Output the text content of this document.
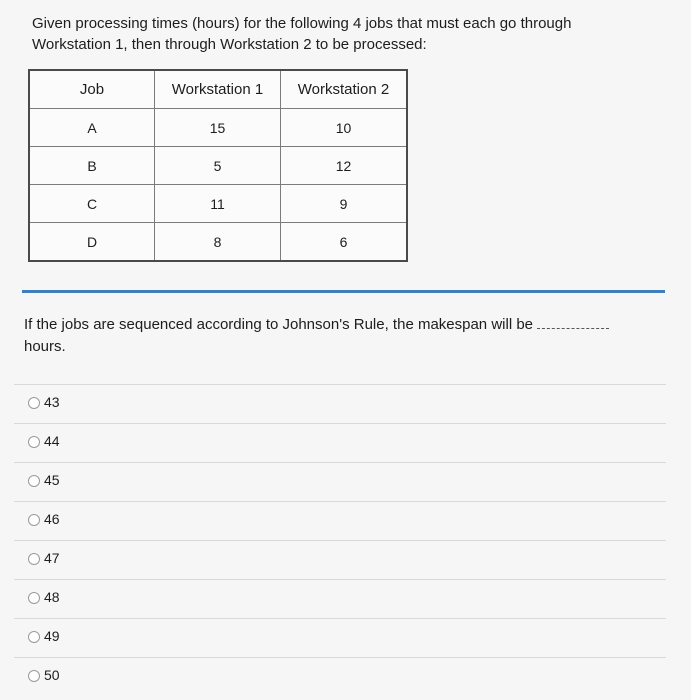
Given processing times (hours) for the following 4 jobs that must each go through
Workstation 1, then through Workstation 2 to be processed:
Job	Workstation 1	Workstation 2
A	15	10
B	5	12
C	11	9
D	8	6
If the jobs are sequenced according to Johnson's Rule, the makespan will be
hours.
43
44
45
46
47
48
49
50
